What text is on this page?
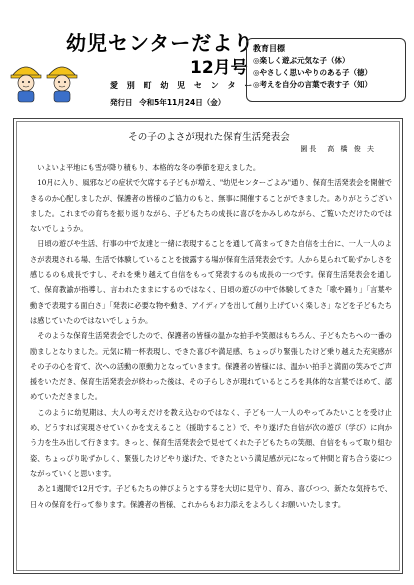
幼児センターだより
12月号
愛 別 町 幼 児 セ ン タ ー
発行日 令和5年11月24日（金）
教育目標
◎楽しく遊ぶ元気な子（体）
◎やさしく思いやりのある子（徳）
◎考えを自分の言葉で表す子（知）
その子のよさが現れた保育生活発表会
園長　高 橋 俊 夫

　いよいよ平地にも雪が降り積もり、本格的な冬の季節を迎えました。

　10月に入り、風邪などの症状で欠席する子どもが増え、"幼児センターごよみ"通り、保育生活発表会を開催できるのか心配しましたが、保護者の皆様のご協力のもと、無事に開催することができました。ありがとうございました。これまでの育ちを振り返りながら、子どもたちの成長に喜びをかみしめながら、ご覧いただけたのではないでしょうか。

　日頃の遊びや生活、行事の中で友達と一緒に表現することを通して高まってきた自信を土台に、一人一人のよさが表現される場、生活で体験していることを披露する場が保育生活発表会です。人から見られて恥ずかしさを感じるのも成長ですし、それを乗り越えて自信をもって発表するのも成長の一つです。保育生活発表会を通して、保育教諭が指導し、言われたままにするのではなく、日頃の遊びの中で体験してきた「歌や踊り」「言葉や動きで表現する面白さ」「発表に必要な物や動き、アイディアを出して創り上げていく楽しさ」などを子どもたちは感じていたのではないでしょうか。

　そのような保育生活発表会でしたので、保護者の皆様の温かな拍手や笑顔はもちろん、子どもたちへの一番の励ましとなりました。元気に精一杯表現し、できた喜びや満足感、ちょっぴり緊張したけど乗り越えた充実感がその子の心を育て、次への活動の原動力となっていきます。保護者の皆様には、温かい拍手と満面の笑みでご声援をいただき、保育生活発表会が終わった後は、その子らしさが現れているところを具体的な言葉でほめて、認めていただきました。

　このように幼児期は、大人の考えだけを教え込むのではなく、子ども一人一人のやってみたいことを受け止め、どうすれば実現させていくかを支えること（援助すること）で、やり遂げた自信が次の遊び（学び）に向かう力を生み出して行きます。きっと、保育生活発表会で見せてくれた子どもたちの笑顔、自信をもって取り組む姿、ちょっぴり恥ずかしく、緊張したけどやり遂げた、できたという満足感が元になって仲間と育ち合う姿につながっていくと思います。

　あと1週間で12月です。子どもたちの伸びようとする芽を大切に見守り、育み、喜びつつ、新たな気持ちで、日々の保育を行って参ります。保護者の皆様、これからもお力添えをよろしくお願いいたします。
